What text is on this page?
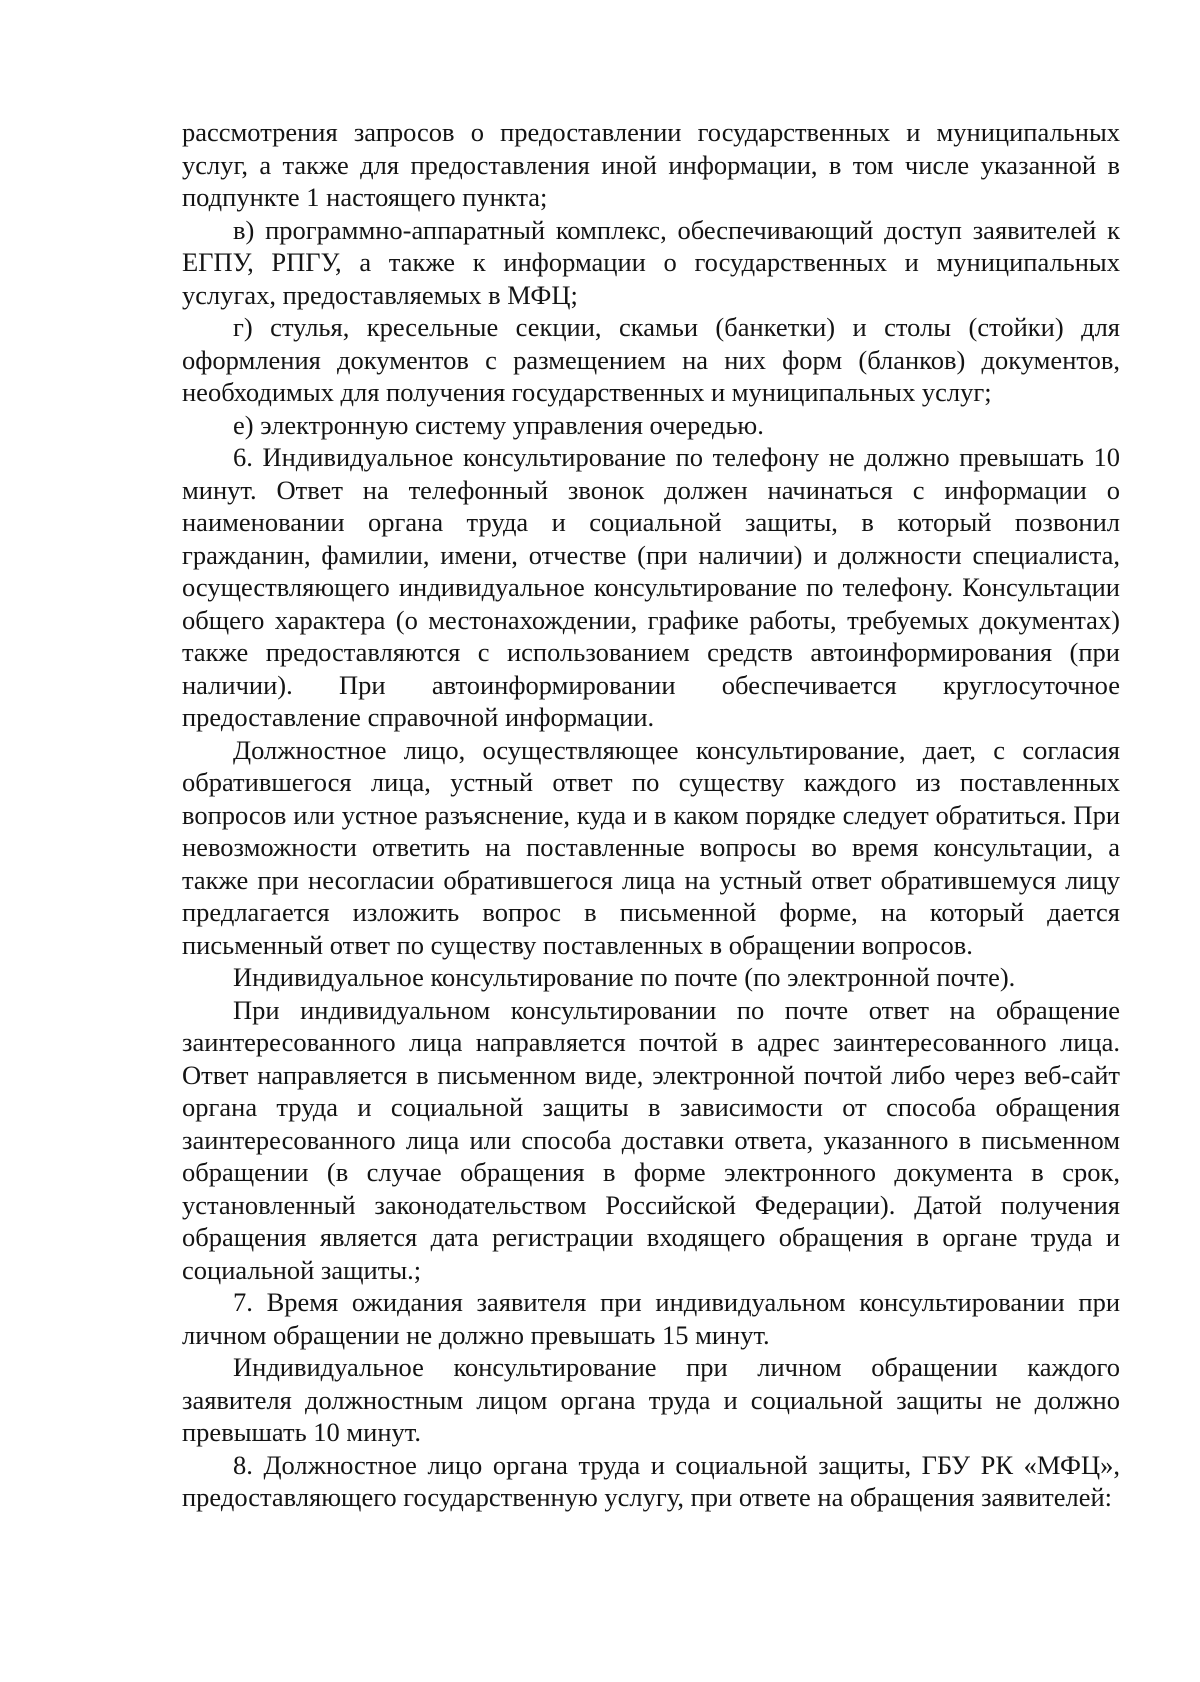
рассмотрения запросов о предоставлении государственных и муниципальных услуг, а также для предоставления иной информации, в том числе указанной в подпункте 1 настоящего пункта;

в) программно-аппаратный комплекс, обеспечивающий доступ заявителей к ЕГПУ, РПГУ, а также к информации о государственных и муниципальных услугах, предоставляемых в МФЦ;

г) стулья, кресельные секции, скамьи (банкетки) и столы (стойки) для оформления документов с размещением на них форм (бланков) документов, необходимых для получения государственных и муниципальных услуг;

е) электронную систему управления очередью.

6. Индивидуальное консультирование по телефону не должно превышать 10 минут. Ответ на телефонный звонок должен начинаться с информации о наименовании органа труда и социальной защиты, в который позвонил гражданин, фамилии, имени, отчестве (при наличии) и должности специалиста, осуществляющего индивидуальное консультирование по телефону. Консультации общего характера (о местонахождении, графике работы, требуемых документах) также предоставляются с использованием средств автоинформирования (при наличии). При автоинформировании обеспечивается круглосуточное предоставление справочной информации.

Должностное лицо, осуществляющее консультирование, дает, с согласия обратившегося лица, устный ответ по существу каждого из поставленных вопросов или устное разъяснение, куда и в каком порядке следует обратиться. При невозможности ответить на поставленные вопросы во время консультации, а также при несогласии обратившегося лица на устный ответ обратившемуся лицу предлагается изложить вопрос в письменной форме, на который дается письменный ответ по существу поставленных в обращении вопросов.

Индивидуальное консультирование по почте (по электронной почте).

При индивидуальном консультировании по почте ответ на обращение заинтересованного лица направляется почтой в адрес заинтересованного лица. Ответ направляется в письменном виде, электронной почтой либо через веб-сайт органа труда и социальной защиты в зависимости от способа обращения заинтересованного лица или способа доставки ответа, указанного в письменном обращении (в случае обращения в форме электронного документа в срок, установленный законодательством Российской Федерации). Датой получения обращения является дата регистрации входящего обращения в органе труда и социальной защиты.;

7. Время ожидания заявителя при индивидуальном консультировании при личном обращении не должно превышать 15 минут.

Индивидуальное консультирование при личном обращении каждого заявителя должностным лицом органа труда и социальной защиты не должно превышать 10 минут.

8. Должностное лицо органа труда и социальной защиты, ГБУ РК «МФЦ», предоставляющего государственную услугу, при ответе на обращения заявителей:
